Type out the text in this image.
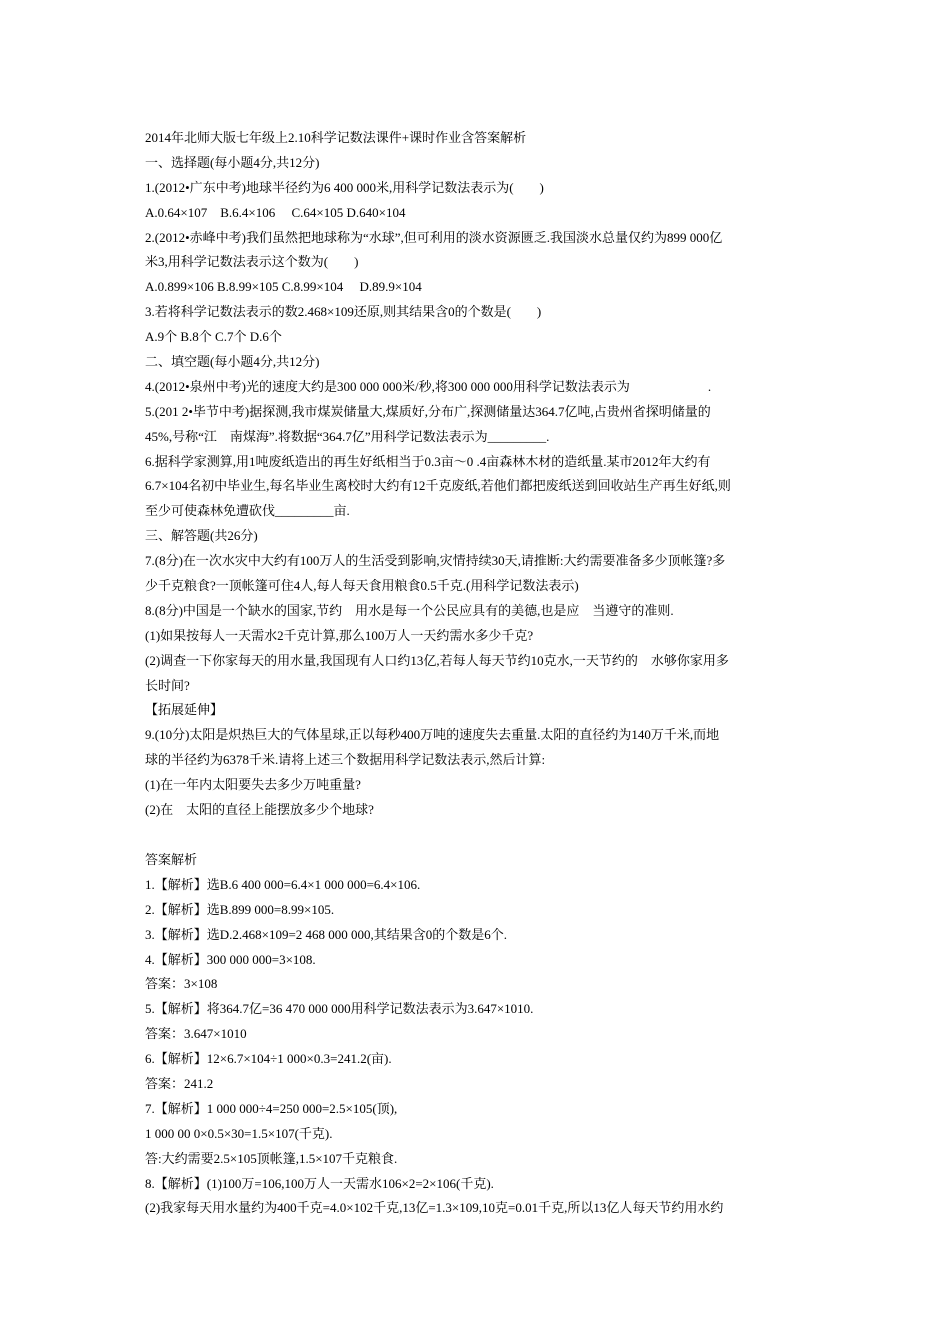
2014年北师大版七年级上2.10科学记数法课件+课时作业含答案解析
一、选择题(每小题4分,共12分)
1.(2012•广东中考)地球半径约为6 400 000米,用科学记数法表示为(　　)
A.0.64×107　B.6.4×106　 C.64×105 D.640×104
2.(2012•赤峰中考)我们虽然把地球称为“水球”,但可利用的淡水资源匮乏.我国淡水总量仅约为899 000亿
米3,用科学记数法表示这个数为(　　)
A.0.899×106 B.8.99×105 C.8.99×104　 D.89.9×104
3.若将科学记数法表示的数2.468×109还原,则其结果含0的个数是(　　)
A.9个 B.8个 C.7个 D.6个
二、填空题(每小题4分,共12分)
4.(2012•泉州中考)光的速度大约是300 000 000米/秒,将300 000 000用科学记数法表示为　　　　　　.
5.(201 2•毕节中考)据探测,我市煤炭储量大,煤质好,分布广,探测储量达364.7亿吨,占贵州省探明储量的
45%,号称“江　南煤海”.将数据“364.7亿”用科学记数法表示为_________.
6.据科学家测算,用1吨废纸造出的再生好纸相当于0.3亩～0 .4亩森林木材的造纸量.某市2012年大约有
6.7×104名初中毕业生,每名毕业生离校时大约有12千克废纸,若他们都把废纸送到回收站生产再生好纸,则
至少可使森林免遭砍伐_________亩.
三、解答题(共26分)
7.(8分)在一次水灾中大约有100万人的生活受到影响,灾情持续30天,请推断:大约需要准备多少顶帐篷?多
少千克粮食?一顶帐篷可住4人,每人每天食用粮食0.5千克.(用科学记数法表示)
8.(8分)中国是一个缺水的国家,节约　用水是每一个公民应具有的美德,也是应　当遵守的准则.
(1)如果按每人一天需水2千克计算,那么100万人一天约需水多少千克?
(2)调查一下你家每天的用水量,我国现有人口约13亿,若每人每天节约10克水,一天节约的　水够你家用多
长时间?
【拓展延伸】
9.(10分)太阳是炽热巨大的气体星球,正以每秒400万吨的速度失去重量.太阳的直径约为140万千米,而地
球的半径约为6378千米.请将上述三个数据用科学记数法表示,然后计算:
(1)在一年内太阳要失去多少万吨重量?
(2)在　太阳的直径上能摆放多少个地球?
答案解析
1.【解析】选B.6 400 000=6.4×1 000 000=6.4×106.
2.【解析】选B.899 000=8.99×105.
3.【解析】选D.2.468×109=2 468 000 000,其结果含0的个数是6个.
4.【解析】300 000 000=3×108.
答案：3×108
5.【解析】将364.7亿=36 470 000 000用科学记数法表示为3.647×1010.
答案：3.647×1010
6.【解析】12×6.7×104÷1 000×0.3=241.2(亩).
答案：241.2
7.【解析】1 000 000÷4=250 000=2.5×105(顶),
1 000 00 0×0.5×30=1.5×107(千克).
答:大约需要2.5×105顶帐篷,1.5×107千克粮食.
8.【解析】(1)100万=106,100万人一天需水106×2=2×106(千克).
(2)我家每天用水量约为400千克=4.0×102千克,13亿=1.3×109,10克=0.01千克,所以13亿人每天节约用水约
